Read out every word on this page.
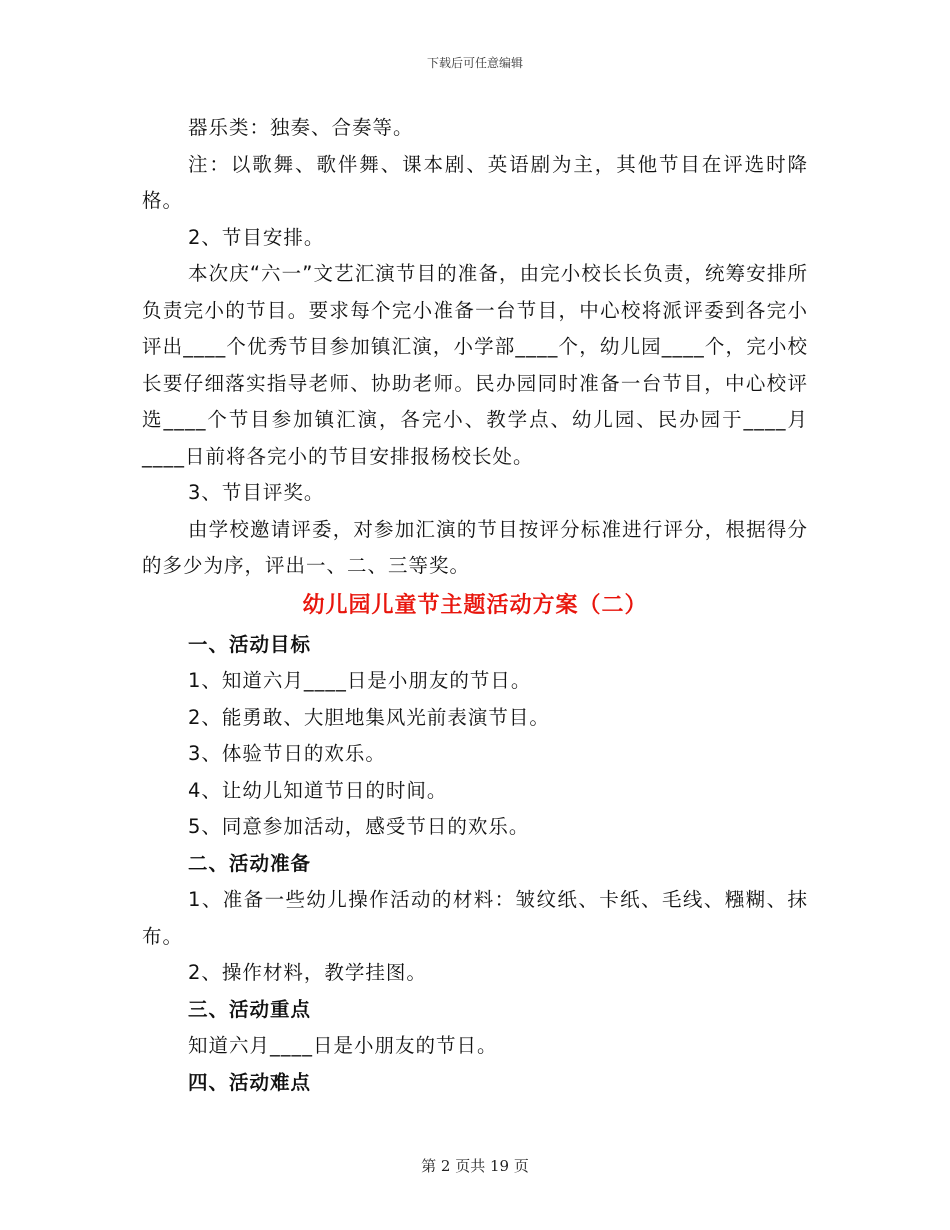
下载后可任意编辑

器乐类：独奏、合奏等。

注：以歌舞、歌伴舞、课本剧、英语剧为主，其他节目在评选时降格。

2、节目安排。

本次庆“六一”文艺汇演节目的准备，由完小校长长负责，统筹安排所负责完小的节目。要求每个完小准备一台节目，中心校将派评委到各完小评出____个优秀节目参加镇汇演，小学部____个，幼儿园____个，完小校长要仔细落实指导老师、协助老师。民办园同时准备一台节目，中心校评选____个节目参加镇汇演，各完小、教学点、幼儿园、民办园于____月____日前将各完小的节目安排报杨校长处。

3、节目评奖。

由学校邀请评委，对参加汇演的节目按评分标准进行评分，根据得分的多少为序，评出一、二、三等奖。

幼儿园儿童节主题活动方案（二）

一、活动目标

1、知道六月____日是小朋友的节日。

2、能勇敢、大胆地集风光前表演节目。

3、体验节日的欢乐。

4、让幼儿知道节日的时间。

5、同意参加活动，感受节日的欢乐。

二、活动准备

1、准备一些幼儿操作活动的材料：皱纹纸、卡纸、毛线、糨糊、抹布。

2、操作材料，教学挂图。

三、活动重点

知道六月____日是小朋友的节日。

四、活动难点

第 2 页共 19 页
